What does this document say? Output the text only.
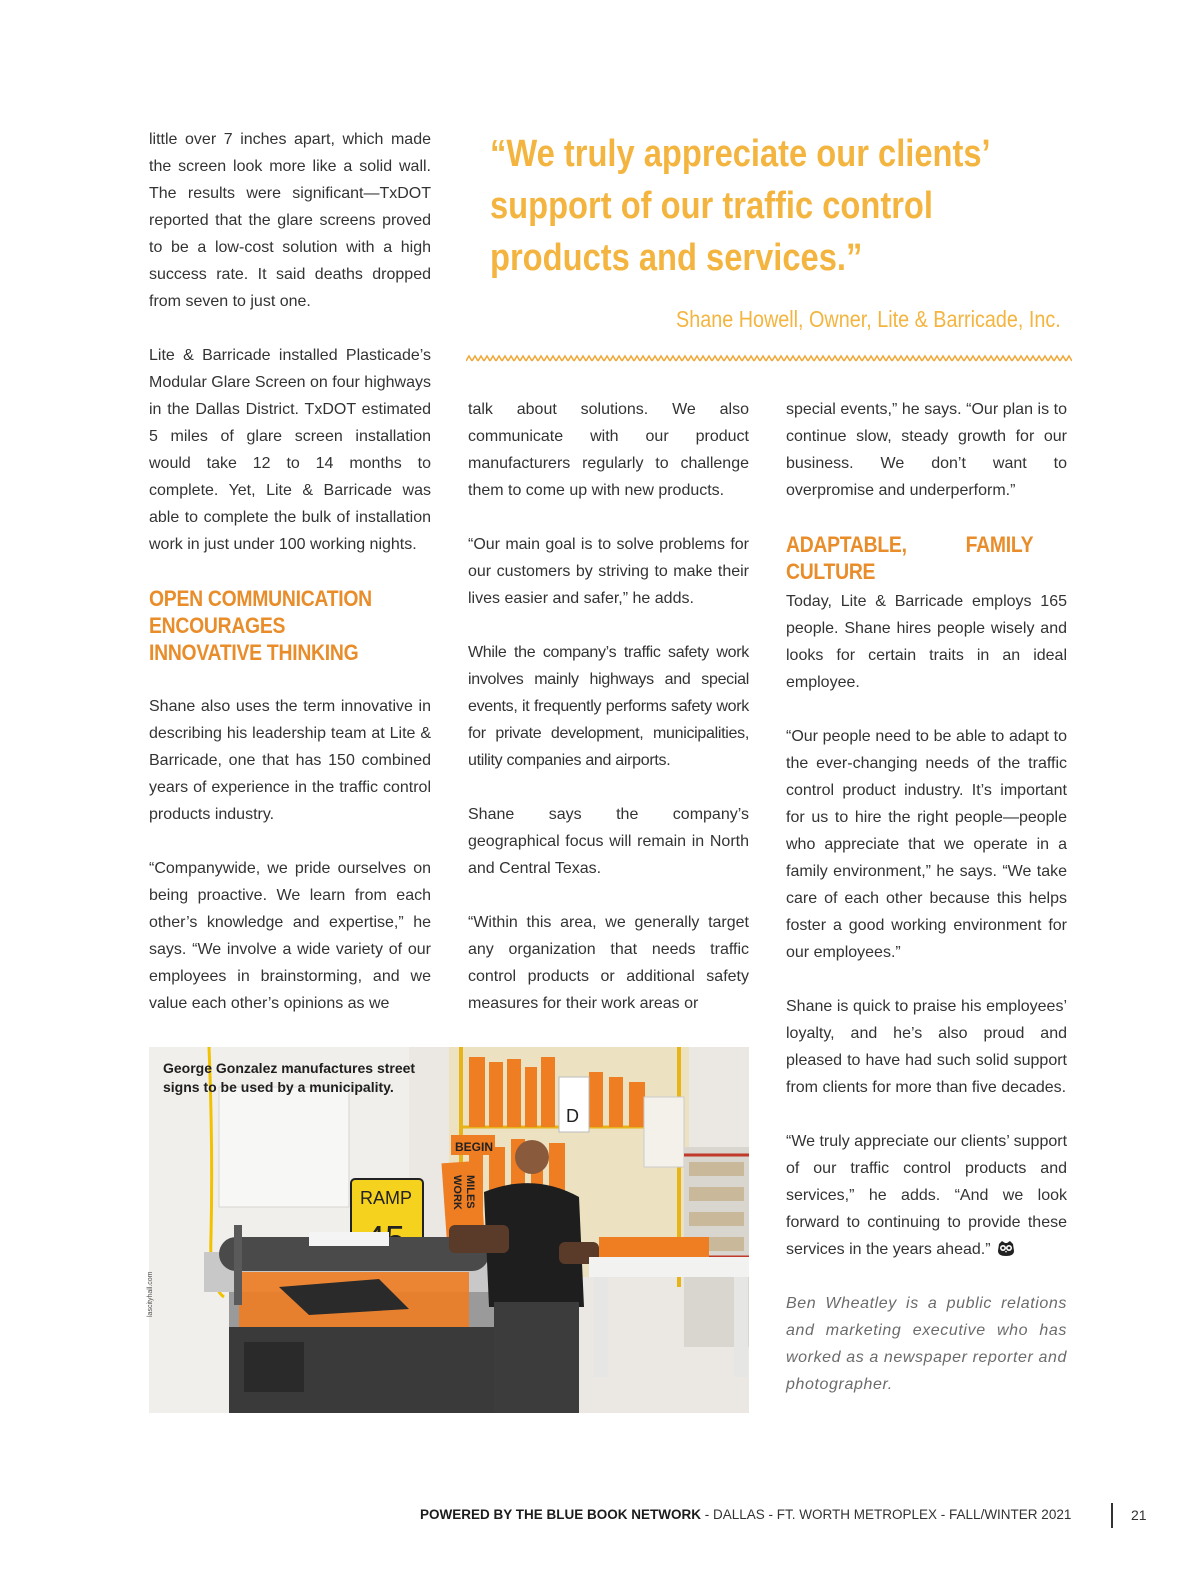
little over 7 inches apart, which made the screen look more like a solid wall. The results were significant—TxDOT reported that the glare screens proved to be a low-cost solution with a high success rate. It said deaths dropped from seven to just one.

Lite & Barricade installed Plasticade’s Modular Glare Screen on four highways in the Dallas District. TxDOT estimated 5 miles of glare screen installation would take 12 to 14 months to complete. Yet, Lite & Barricade was able to complete the bulk of installation work in just under 100 working nights.

OPEN COMMUNICATION
ENCOURAGES
INNOVATIVE THINKING

Shane also uses the term innovative in describing his leadership team at Lite & Barricade, one that has 150 combined years of experience in the traffic control products industry.

“Companywide, we pride ourselves on being proactive. We learn from each other’s knowledge and expertise,” he says. “We involve a wide variety of our employees in brainstorming, and we value each other’s opinions as we

“We truly appreciate our clients’
support of our traffic control
products and services.”

Shane Howell, Owner, Lite & Barricade, Inc.

talk about solutions. We also communicate with our product manufacturers regularly to challenge them to come up with new products.

“Our main goal is to solve problems for our customers by striving to make their lives easier and safer,” he adds.

While the company’s traffic safety work involves mainly highways and special events, it frequently performs safety work for private development, municipalities, utility companies and airports.

Shane says the company’s geographical focus will remain in North and Central Texas.

“Within this area, we generally target any organization that needs traffic control products or additional safety measures for their work areas or

special events,” he says. “Our plan is to continue slow, steady growth for our business. We don’t want to overpromise and underperform.”

ADAPTABLE, FAMILY CULTURE

Today, Lite & Barricade employs 165 people. Shane hires people wisely and looks for certain traits in an ideal employee.

“Our people need to be able to adapt to the ever-changing needs of the traffic control product industry. It’s important for us to hire the right people—people who appreciate that we operate in a family environment,” he says. “We take care of each other because this helps foster a good working environment for our employees.”

Shane is quick to praise his employees’ loyalty, and he’s also proud and pleased to have had such solid support from clients for more than five decades.

“We truly appreciate our clients’ support of our traffic control products and services,” he adds. “And we look forward to continuing to provide these services in the years ahead.”

Ben Wheatley is a public relations and marketing executive who has worked as a newspaper reporter and photographer.

D
BEGIN
WORK MILES
RAMP
lascityhall.com

George Gonzalez manufactures street
signs to be used by a municipality.

POWERED BY THE BLUE BOOK NETWORK - DALLAS - FT. WORTH METROPLEX - FALL/WINTER 2021	21
